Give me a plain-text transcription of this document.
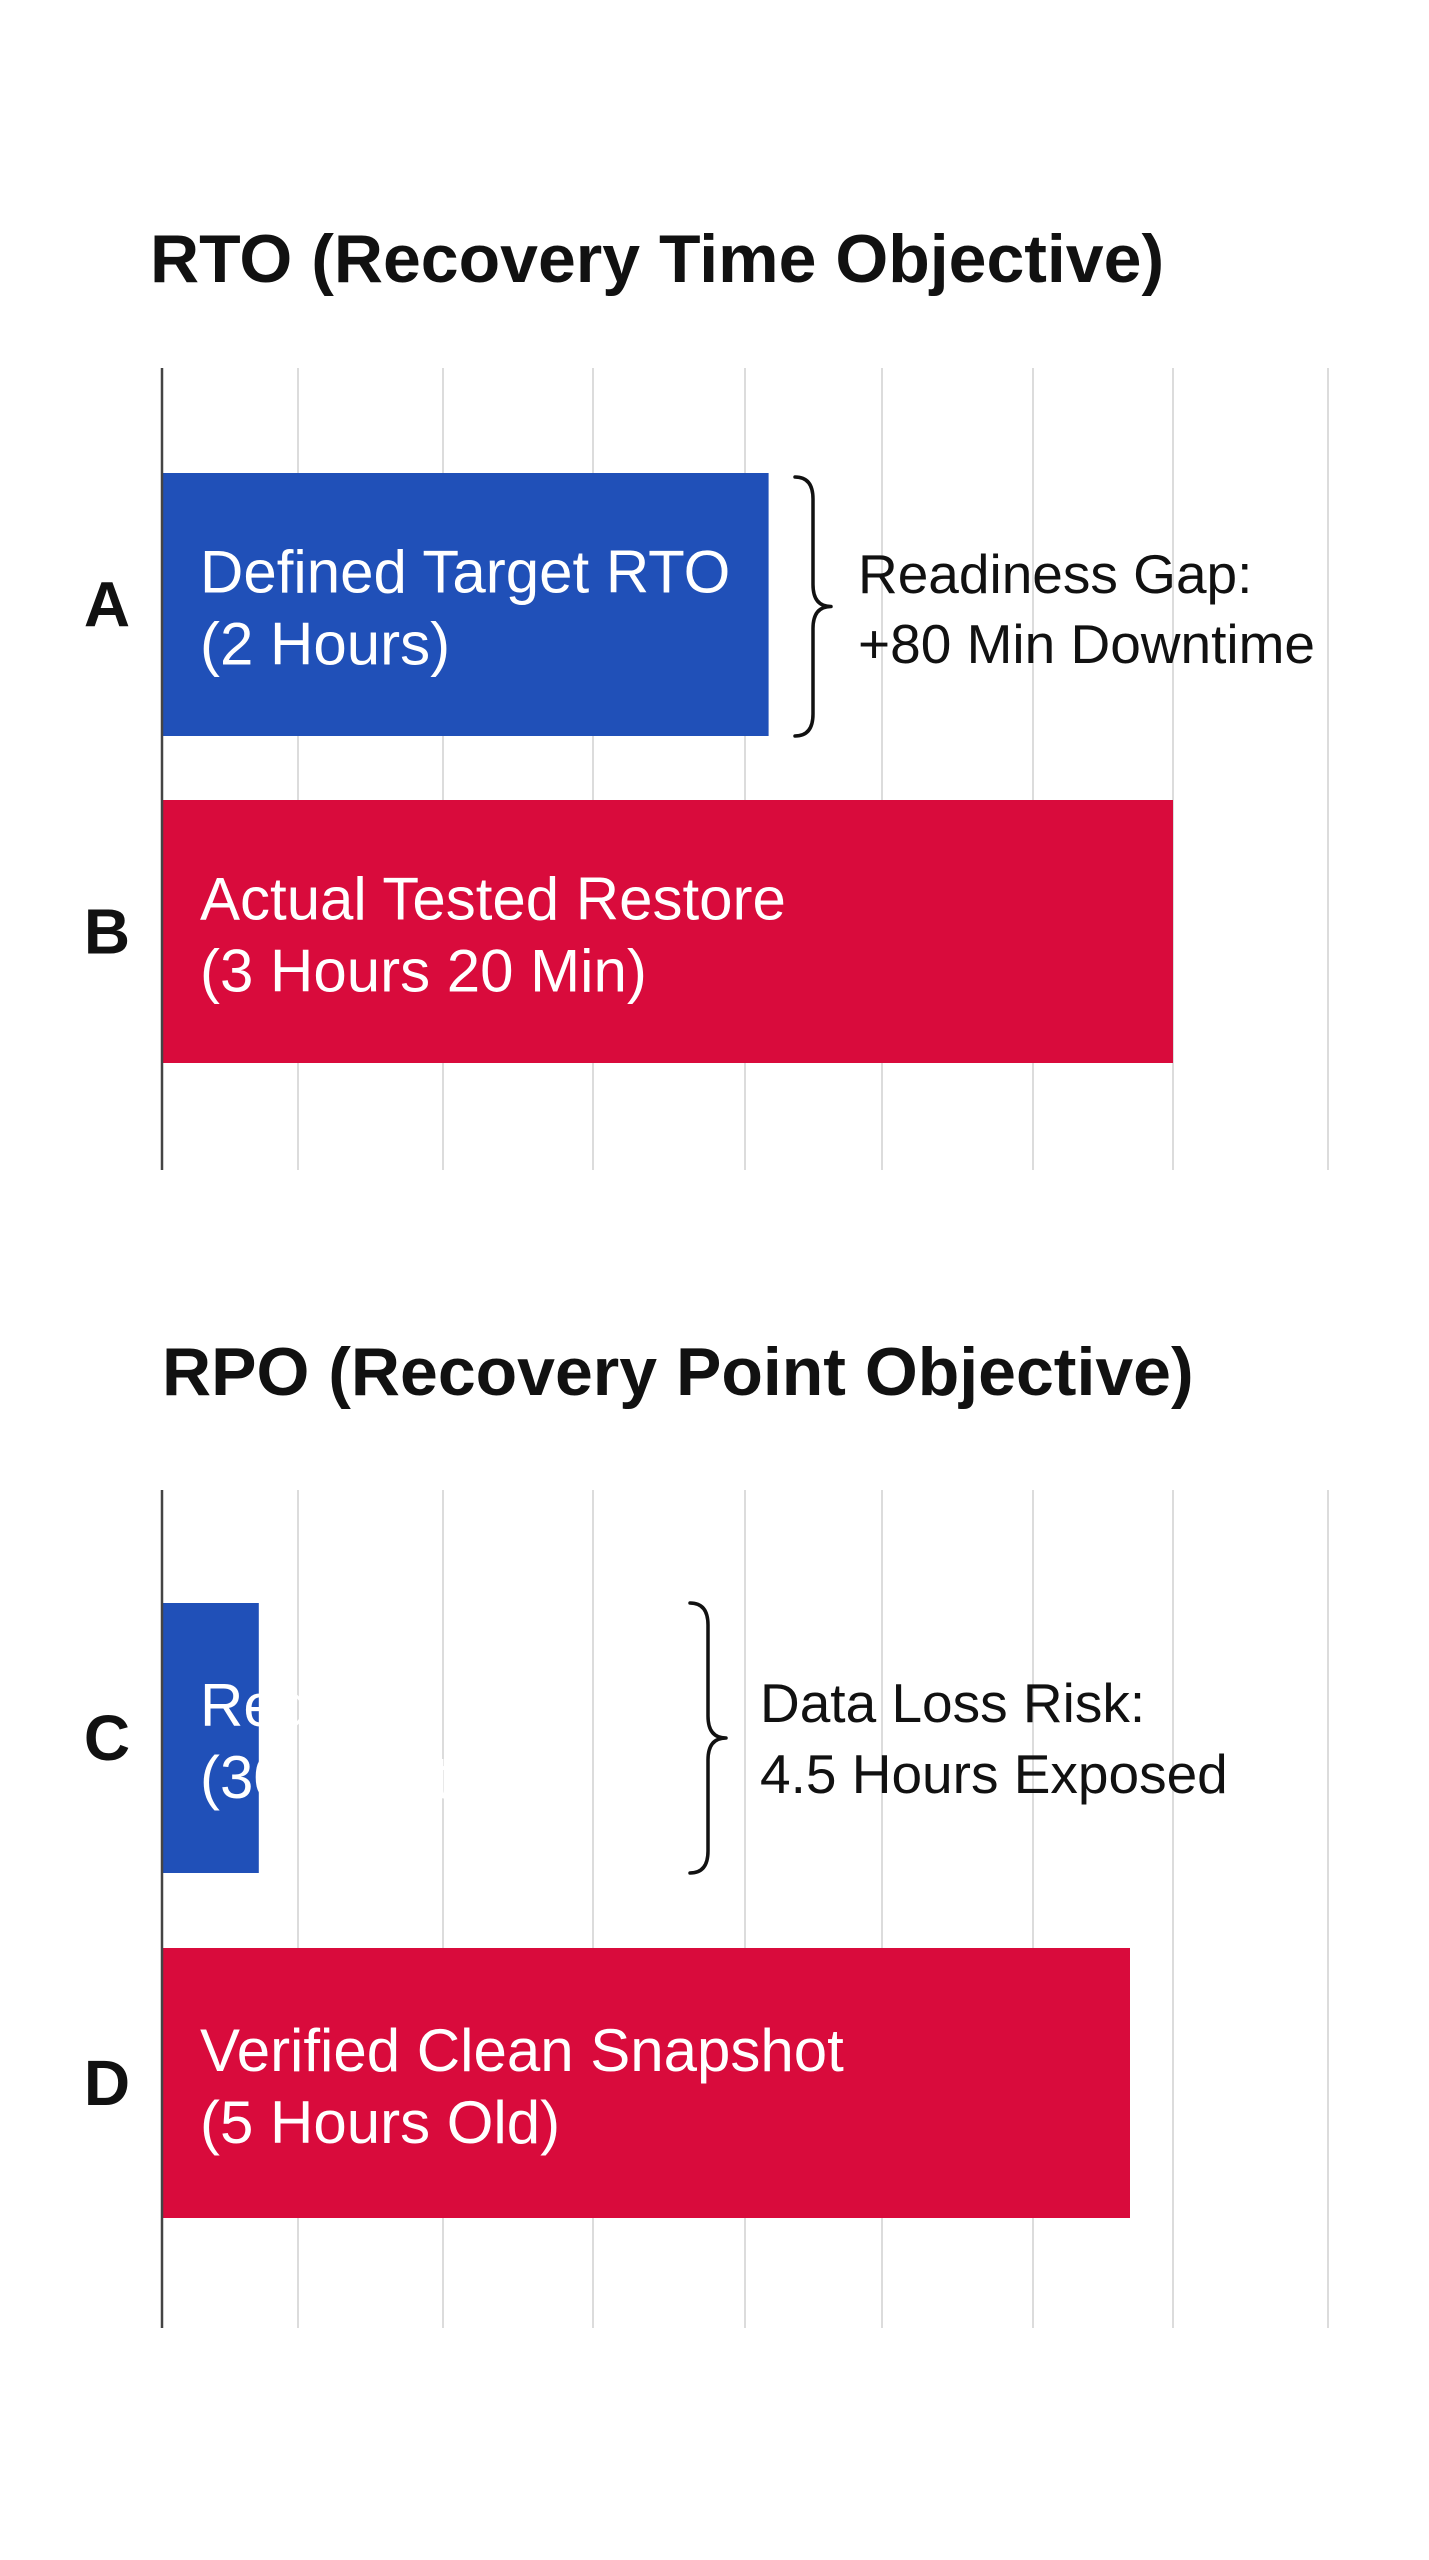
RTO (Recovery Time Objective)
A Defined Target RTO
(2 Hours)
B Actual Tested Restore
(3 Hours 20 Min)
Readiness Gap:
+80 Min Downtime
RPO (Recovery Point Objective)
C Required RPO
(30 Minutes)
D Verified Clean Snapshot
(5 Hours Old)
Data Loss Risk:
4.5 Hours Exposed
